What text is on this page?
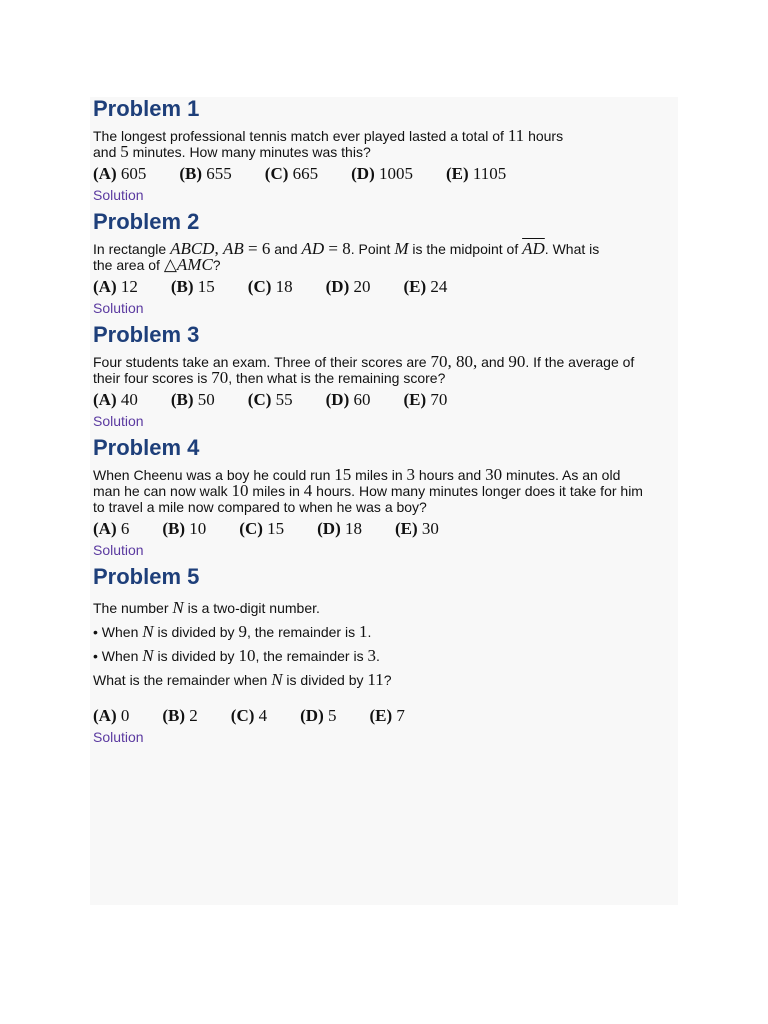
Problem 1

The longest professional tennis match ever played lasted a total of 11 hours
and 5 minutes. How many minutes was this?

(A) 605 (B) 655 (C) 665 (D) 1005 (E) 1105
Solution
Problem 2

In rectangle ABCD, AB = 6 and AD = 8. Point M is the midpoint of $\overline{AD}$. What is
the area of △AMC?

(A) 12 (B) 15 (C) 18 (D) 20 (E) 24
Solution
Problem 3

Four students take an exam. Three of their scores are 70, 80, and 90. If the average of
their four scores is 70, then what is the remaining score?

(A) 40 (B) 50 (C) 55 (D) 60 (E) 70
Solution
Problem 4

When Cheenu was a boy he could run 15 miles in 3 hours and 30 minutes. As an old
man he can now walk 10 miles in 4 hours. How many minutes longer does it take for him
to travel a mile now compared to when he was a boy?

(A) 6 (B) 10 (C) 15 (D) 18 (E) 30
Solution
Problem 5

The number N is a two-digit number.

• When N is divided by 9, the remainder is 1.

• When N is divided by 10, the remainder is 3.

What is the remainder when N is divided by 11?

(A) 0 (B) 2 (C) 4 (D) 5 (E) 7
Solution
